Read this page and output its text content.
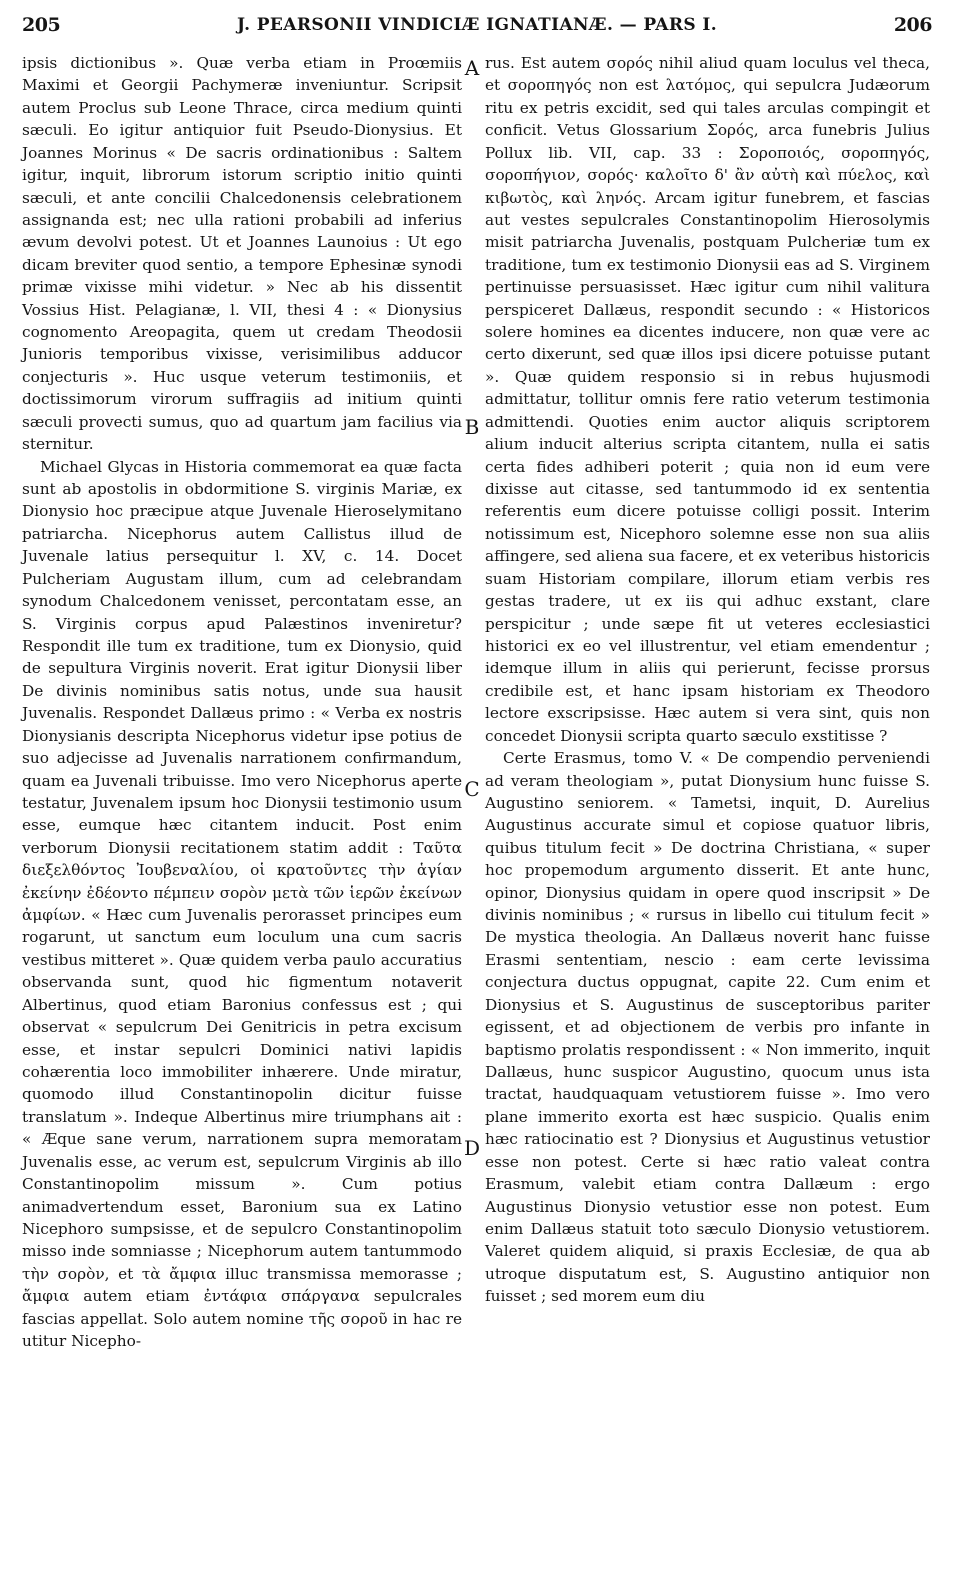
205	J. PEARSONII VINDICIÆ IGNATIANÆ. — PARS I.	206

ipsis dictionibus ». Quæ verba etiam in Proœmiis Maximi et Georgii Pachymeræ inveniuntur. Scripsit autem Proclus sub Leone Thrace, circa medium quinti sæculi. Eo igitur antiquior fuit Pseudo-Dionysius. Et Joannes Morinus « De sacris ordinationibus : Saltem igitur, inquit, librorum istorum scriptio initio quinti sæculi, et ante concilii Chalcedonensis celebrationem assignanda est; nec ulla rationi probabili ad inferius ævum devolvi potest. Ut et Joannes Launoius : Ut ego dicam breviter quod sentio, a tempore Ephesinæ synodi primæ vixisse mihi videtur. » Nec ab his dissentit Vossius Hist. Pelagianæ, l. VII, thesi 4 : « Dionysius cognomento Areopagita, quem ut credam Theodosii Junioris temporibus vixisse, verisimilibus adducor conjecturis ». Huc usque veterum testimoniis, et doctissimorum virorum suffragiis ad initium quinti sæculi provecti sumus, quo ad quartum jam facilius via sternitur.

Michael Glycas in Historia commemorat ea quæ facta sunt ab apostolis in obdormitione S. virginis Mariæ, ex Dionysio hoc præcipue atque Juvenale Hieroselymitano patriarcha. Nicephorus autem Callistus illud de Juvenale latius persequitur l. XV, c. 14. Docet Pulcheriam Augustam illum, cum ad celebrandam synodum Chalcedonem venisset, percontatam esse, an S. Virginis corpus apud Palæstinos inveniretur? Respondit ille tum ex traditione, tum ex Dionysio, quid de sepultura Virginis noverit. Erat igitur Dionysii liber De divinis nominibus satis notus, unde sua hausit Juvenalis. Respondet Dallæus primo : « Verba ex nostris Dionysianis descripta Nicephorus videtur ipse potius de suo adjecisse ad Juvenalis narrationem confirmandum, quam ea Juvenali tribuisse. Imo vero Nicephorus aperte testatur, Juvenalem ipsum hoc Dionysii testimonio usum esse, eumque hæc citantem inducit. Post enim verborum Dionysii recitationem statim addit : Ταῦτα διεξελθόντος Ἰουβεναλίου, οἱ κρατοῦντες τὴν ἁγίαν ἐκείνην ἐδέοντο πέμπειν σορὸν μετὰ τῶν ἱερῶν ἐκείνων ἀμφίων. « Hæc cum Juvenalis perorasset principes eum rogarunt, ut sanctum eum loculum una cum sacris vestibus mitteret ». Quæ quidem verba paulo accuratius observanda sunt, quod hic figmentum notaverit Albertinus, quod etiam Baronius confessus est ; qui observat « sepulcrum Dei Genitricis in petra excisum esse, et instar sepulcri Dominici nativi lapidis cohærentia loco immobiliter inhærere. Unde miratur, quomodo illud Constantinopolin dicitur fuisse translatum ». Indeque Albertinus mire triumphans ait : « Æque sane verum, narrationem supra memoratam Juvenalis esse, ac verum est, sepulcrum Virginis ab illo Constantinopolim missum ». Cum potius animadvertendum esset, Baronium sua ex Latino Nicephoro sumpsisse, et de sepulcro Constantinopolim misso inde somniasse ; Nicephorum autem tantummodo τὴν σορὸν, et τὰ ἄμφια illuc transmissa memorasse ; ἄμφια autem etiam ἐντάφια σπάργανα sepulcrales fascias appellat. Solo autem nomine τῆς σοροῦ in hac re utitur Nicepho-

A
B
C
D

rus. Est autem σορός nihil aliud quam loculus vel theca, et σοροπηγός non est λατόμος, qui sepulcra Judæorum ritu ex petris excidit, sed qui tales arculas compingit et conficit. Vetus Glossarium Σορός, arca funebris Julius Pollux lib. VII, cap. 33 : Σοροποιός, σοροπηγός, σοροπήγιον, σορός· καλοῖτο δ' ἂν αὐτὴ καὶ πύελος, καὶ κιβωτὸς, καὶ ληνός. Arcam igitur funebrem, et fascias aut vestes sepulcrales Constantinopolim Hierosolymis misit patriarcha Juvenalis, postquam Pulcheriæ tum ex traditione, tum ex testimonio Dionysii eas ad S. Virginem pertinuisse persuasisset. Hæc igitur cum nihil valitura perspiceret Dallæus, respondit secundo : « Historicos solere homines ea dicentes inducere, non quæ vere ac certo dixerunt, sed quæ illos ipsi dicere potuisse putant ». Quæ quidem responsio si in rebus hujusmodi admittatur, tollitur omnis fere ratio veterum testimonia admittendi. Quoties enim auctor aliquis scriptorem alium inducit alterius scripta citantem, nulla ei satis certa fides adhiberi poterit ; quia non id eum vere dixisse aut citasse, sed tantummodo id ex sententia referentis eum dicere potuisse colligi possit. Interim notissimum est, Nicephoro solemne esse non sua aliis affingere, sed aliena sua facere, et ex veteribus historicis suam Historiam compilare, illorum etiam verbis res gestas tradere, ut ex iis qui adhuc exstant, clare perspicitur ; unde sæpe fit ut veteres ecclesiastici historici ex eo vel illustrentur, vel etiam emendentur ; idemque illum in aliis qui perierunt, fecisse prorsus credibile est, et hanc ipsam historiam ex Theodoro lectore exscripsisse. Hæc autem si vera sint, quis non concedet Dionysii scripta quarto sæculo exstitisse ?

Certe Erasmus, tomo V. « De compendio perveniendi ad veram theologiam », putat Dionysium hunc fuisse S. Augustino seniorem. « Tametsi, inquit, D. Aurelius Augustinus accurate simul et copiose quatuor libris, quibus titulum fecit » De doctrina Christiana, « super hoc propemodum argumento disserit. Et ante hunc, opinor, Dionysius quidam in opere quod inscripsit » De divinis nominibus ; « rursus in libello cui titulum fecit » De mystica theologia. An Dallæus noverit hanc fuisse Erasmi sententiam, nescio : eam certe levissima conjectura ductus oppugnat, capite 22. Cum enim et Dionysius et S. Augustinus de susceptoribus pariter egissent, et ad objectionem de verbis pro infante in baptismo prolatis respondissent : « Non immerito, inquit Dallæus, hunc suspicor Augustino, quocum unus ista tractat, haudquaquam vetustiorem fuisse ». Imo vero plane immerito exorta est hæc suspicio. Qualis enim hæc ratiocinatio est ? Dionysius et Augustinus vetustior esse non potest. Certe si hæc ratio valeat contra Erasmum, valebit etiam contra Dallæum : ergo Augustinus Dionysio vetustior esse non potest. Eum enim Dallæus statuit toto sæculo Dionysio vetustiorem. Valeret quidem aliquid, si praxis Ecclesiæ, de qua ab utroque disputatum est, S. Augustino antiquior non fuisset ; sed morem eum diu
